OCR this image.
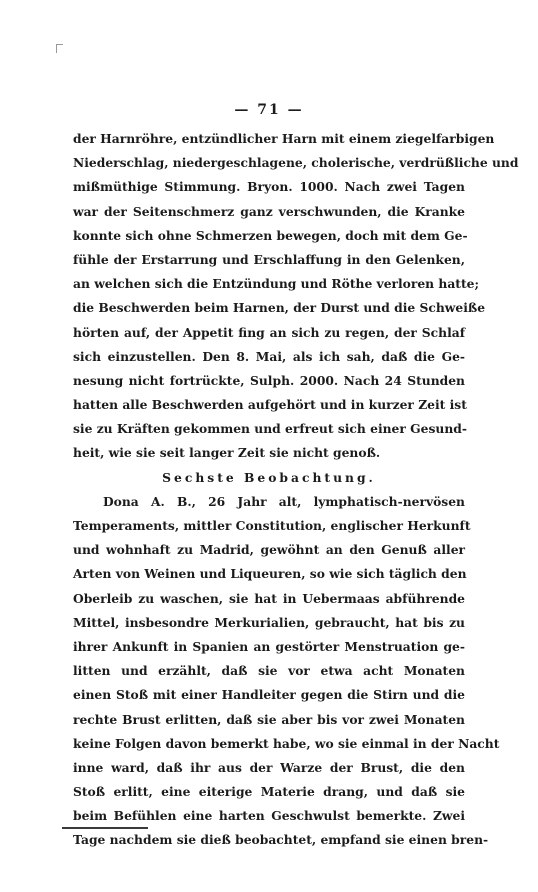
— 71 —
der Harnröhre, entzündlicher Harn mit einem ziegelfarbigen
Niederschlag, niedergeschlagene, cholerische, verdrüßliche und
mißmüthige Stimmung. Bryon. 1000. Nach zwei Tagen
war der Seitenschmerz ganz verschwunden, die Kranke
konnte sich ohne Schmerzen bewegen, doch mit dem Ge-
fühle der Erstarrung und Erschlaffung in den Gelenken,
an welchen sich die Entzündung und Röthe verloren hatte;
die Beschwerden beim Harnen, der Durst und die Schweiße
hörten auf, der Appetit fing an sich zu regen, der Schlaf
sich einzustellen. Den 8. Mai, als ich sah, daß die Ge-
nesung nicht fortrückte, Sulph. 2000. Nach 24 Stunden
hatten alle Beschwerden aufgehört und in kurzer Zeit ist
sie zu Kräften gekommen und erfreut sich einer Gesund-
heit, wie sie seit langer Zeit sie nicht genoß.
Sechste Beobachtung.
Dona A. B., 26 Jahr alt, lymphatisch-nervösen
Temperaments, mittler Constitution, englischer Herkunft
und wohnhaft zu Madrid, gewöhnt an den Genuß aller
Arten von Weinen und Liqueuren, so wie sich täglich den
Oberleib zu waschen, sie hat in Uebermaas abführende
Mittel, insbesondre Merkurialien, gebraucht, hat bis zu
ihrer Ankunft in Spanien an gestörter Menstruation ge-
litten und erzählt, daß sie vor etwa acht Monaten
einen Stoß mit einer Handleiter gegen die Stirn und die
rechte Brust erlitten, daß sie aber bis vor zwei Monaten
keine Folgen davon bemerkt habe, wo sie einmal in der Nacht
inne ward, daß ihr aus der Warze der Brust, die den
Stoß erlitt, eine eiterige Materie drang, und daß sie
beim Befühlen eine harten Geschwulst bemerkte. Zwei
Tage nachdem sie dieß beobachtet, empfand sie einen bren-
